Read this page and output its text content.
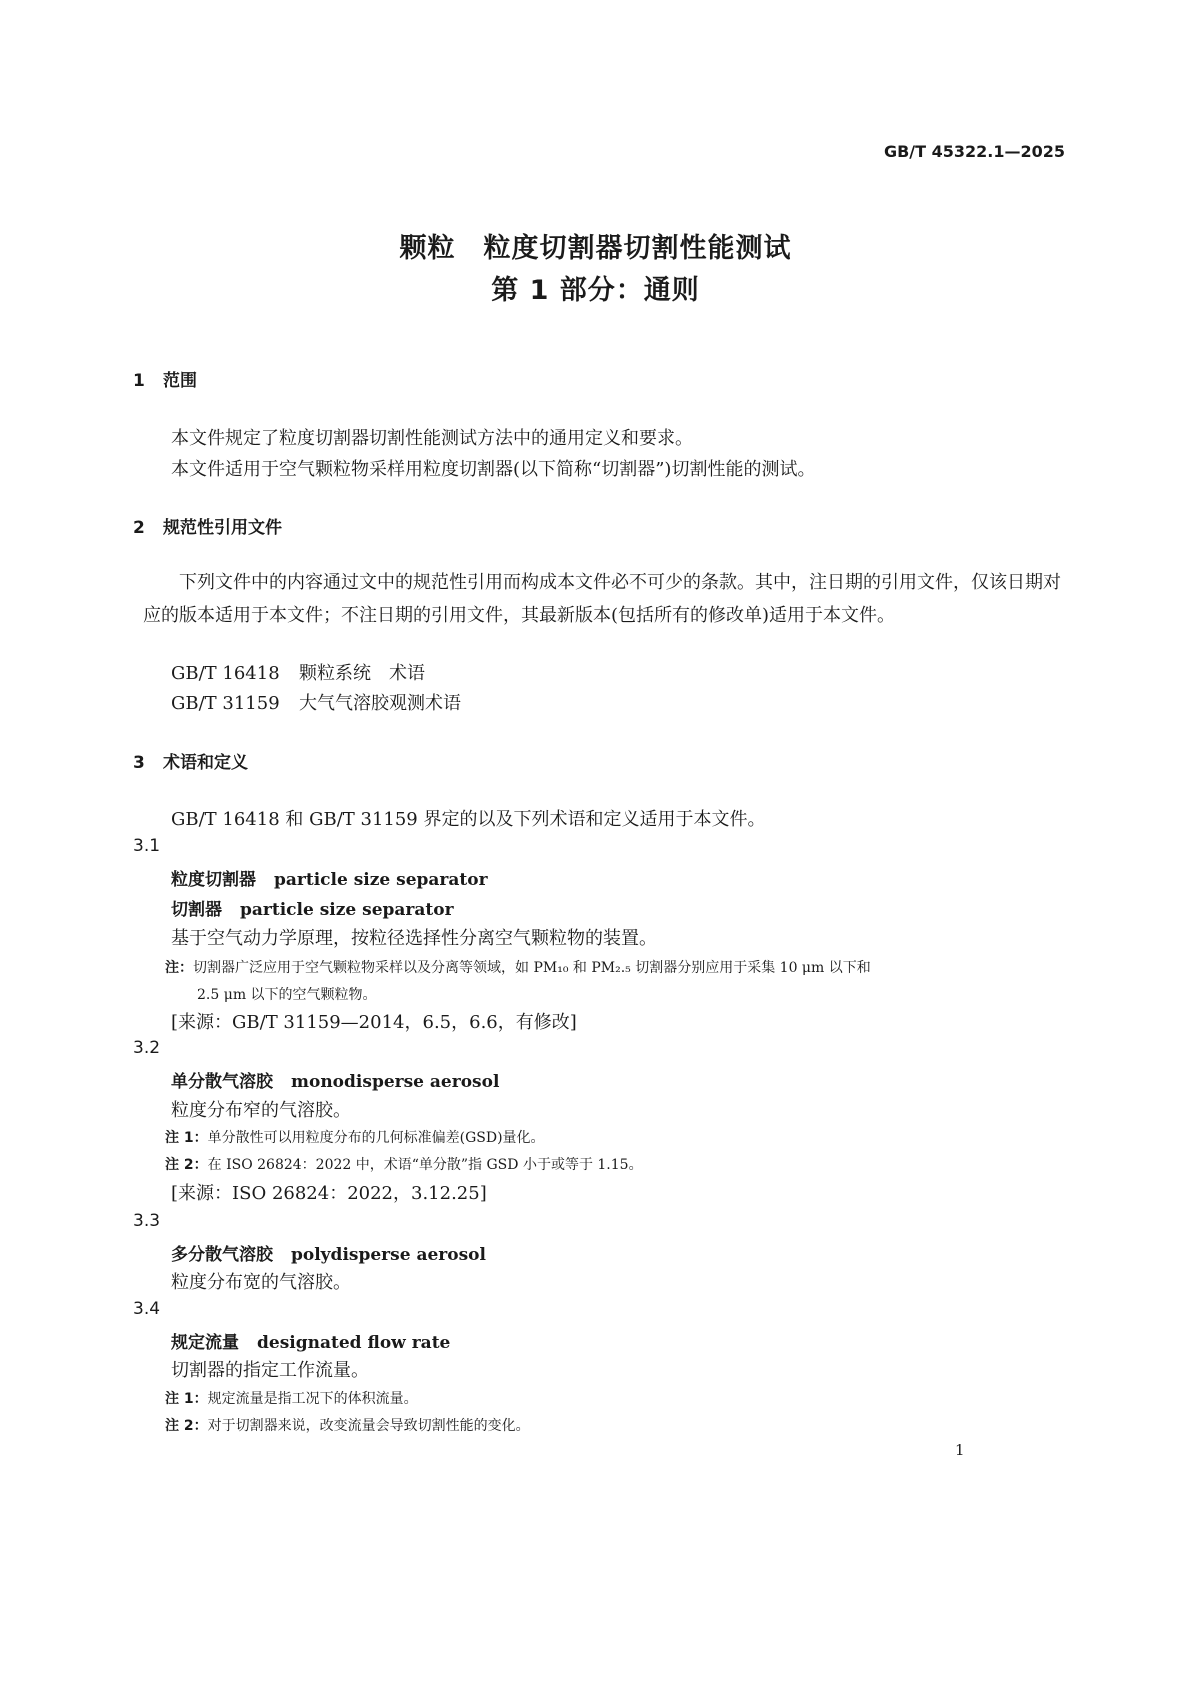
GB/T 45322.1—2025
颗粒　粒度切割器切割性能测试
第 1 部分：通则
1 范围
本文件规定了粒度切割器切割性能测试方法中的通用定义和要求。
本文件适用于空气颗粒物采样用粒度切割器(以下简称“切割器”)切割性能的测试。
2 规范性引用文件
下列文件中的内容通过文中的规范性引用而构成本文件必不可少的条款。其中，注日期的引用文件，仅该日期对应的版本适用于本文件；不注日期的引用文件，其最新版本(包括所有的修改单)适用于本文件。
GB/T 16418 颗粒系统　术语
GB/T 31159 大气气溶胶观测术语
3 术语和定义
GB/T 16418 和 GB/T 31159 界定的以及下列术语和定义适用于本文件。
3.1
粒度切割器 particle size separator
切割器 particle size separator
基于空气动力学原理，按粒径选择性分离空气颗粒物的装置。
注：切割器广泛应用于空气颗粒物采样以及分离等领域，如 PM₁₀ 和 PM₂.₅ 切割器分别应用于采集 10 μm 以下和
2.5 μm 以下的空气颗粒物。
[来源：GB/T 31159—2014，6.5，6.6，有修改]
3.2
单分散气溶胶 monodisperse aerosol
粒度分布窄的气溶胶。
注 1：单分散性可以用粒度分布的几何标准偏差(GSD)量化。
注 2：在 ISO 26824：2022 中，术语“单分散”指 GSD 小于或等于 1.15。
[来源：ISO 26824：2022，3.12.25]
3.3
多分散气溶胶 polydisperse aerosol
粒度分布宽的气溶胶。
3.4
规定流量 designated flow rate
切割器的指定工作流量。
注 1：规定流量是指工况下的体积流量。
注 2：对于切割器来说，改变流量会导致切割性能的变化。
1
